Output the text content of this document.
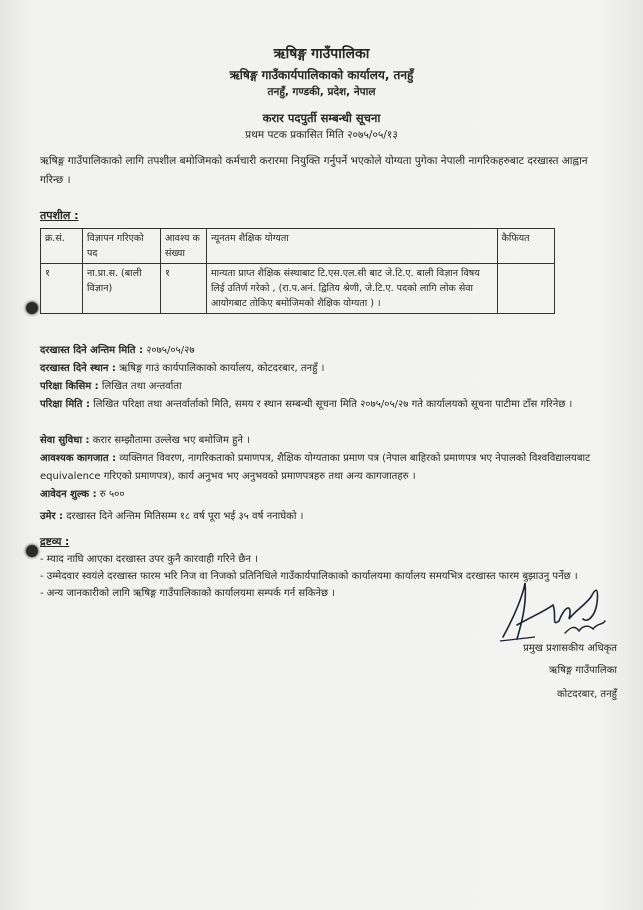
ऋषिङ्ग गाउँपालिका
ऋषिङ्ग गाउँकार्यपालिकाको कार्यालय, तनहुँ
तनहुँ, गण्डकी, प्रदेश, नेपाल
करार पदपुर्ती सम्बन्धी सूचना
प्रथम पटक प्रकासित मिति २०७५/०५/१३
ऋषिङ्ग गाउँपालिकाको लागि तपशील बमोजिमको कर्मचारी करारमा नियुक्ति गर्नुपर्ने भएकोले योग्यता पुगेका नेपाली नागरिकहरुबाट दरखास्त आह्वान गरिन्छ ।
तपशील :
क्र.सं.	विज्ञापन गरिएको पद	आवश्य क संख्या	न्यूनतम शैक्षिक योग्यता	कैफियत
१	ना.प्रा.स. (बाली विज्ञान)	१	मान्यता प्राप्त शैक्षिक संस्थाबाट टि.एस.एल.सी बाट जे.टि.ए. बाली विज्ञान विषय लिई उतिर्ण गरेको , (रा.प.अनं. द्वितिय श्रेणी, जे.टि.ए. पदको लागि लोक सेवा आयोगबाट तोकिए बमोजिमको शैक्षिक योग्यता ) ।	
दरखास्त दिने अन्तिम मिति : २०७५/०५/२७
दरखास्त दिने स्थान : ऋषिङ्ग गाउं कार्यपालिकाको कार्यालय, कोटदरबार, तनहुँ ।
परिक्षा किसिम : लिखित तथा अन्तर्वाता
परिक्षा मिति : लिखित परिक्षा तथा अन्तर्वार्ताको मिति, समय र स्थान सम्बन्धी सूचना मिति २०७५/०५/२७ गते कार्यालयको सूचना पाटीमा टाँस गरिनेछ ।
सेवा सुविधा : करार सम्झौतामा उल्लेख भए बमोजिम हुने ।
आवश्यक कागजात : व्यक्तिगत विवरण, नागरिकताको प्रमाणपत्र, शैक्षिक योग्यताका प्रमाण पत्र (नेपाल बाहिरको प्रमाणपत्र भए नेपालको विश्वविद्यालयबाट equivalence गरिएको प्रमाणपत्र), कार्य अनुभव भए अनुभवको प्रमाणपत्रहरु तथा अन्य कागजातहरु ।
आवेदन शुल्क : रु ५००
उमेर : दरखास्त दिने अन्तिम मितिसम्म १८ वर्ष पूरा भई ३५ वर्ष ननाघेको ।
द्रष्टव्य :
- म्याद नाघि आएका दरखास्त उपर कुनै कारवाही गरिने छैन ।
- उम्मेदवार स्वयंले दरखास्त फारम भरि निज वा निजको प्रतिनिधिले गाउँकार्यपालिकाको कार्यालयमा कार्यालय समयभित्र दरखास्त फारम बुझाउनु पर्नेछ ।
- अन्य जानकारीको लागि ऋषिङ्ग गाउँपालिकाको कार्यालयमा सम्पर्क गर्न सकिनेछ ।
प्रमुख प्रशासकीय अधिकृत
ऋषिङ्ग गाउँपालिका
कोटदरबार, तनहुँ
